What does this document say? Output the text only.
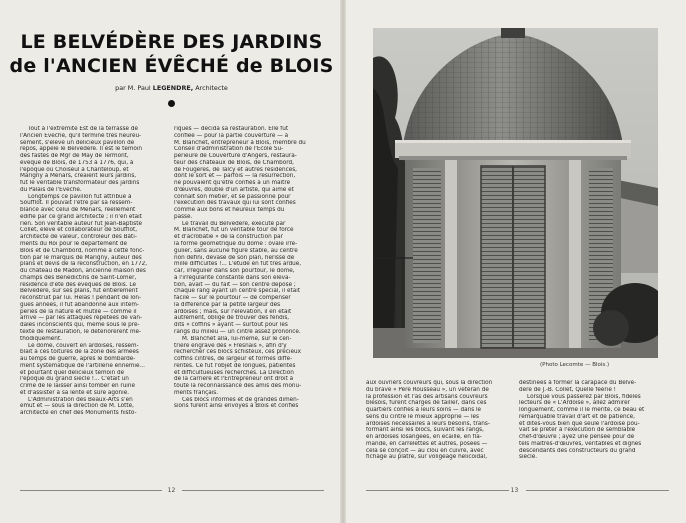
LE BELVÉDÈRE DES JARDINS
de l'ANCIEN ÉVÊCHÉ de BLOIS
par M. Paul LEGENDRE, Architecte
Tout à l'extrémité Est de la terrasse de
l'Ancien Évêché, qu'il termine très heureu-
sement, s'élève un délicieux pavillon de
repos, appelé le Belvédère. Il est le témoin
des fastes de Mgr de May de Termont,
évêque de Blois, de 1753 à 1776, qui, à
l'époque où Choiseul à Chanteloup, et
Marigny à Menars, créaient leurs jardins,
fut le véritable transformateur des jardins
du Palais de l'Évêché.
Longtemps ce pavillon fut attribué à
Soufflot. Il pouvait l'être par sa ressem-
blance avec celui de Menars, réellement
édifié par ce grand architecte ; il n'en était
rien. Son véritable auteur fut Jean-Baptiste
Collet, élève et collaborateur de Soufflot,
architecte de valeur, contrôleur des Bâti-
ments du Roi pour le département de
Blois et de Chambord, nommé à cette fonc-
tion par le marquis de Marigny, auteur des
plans et devis de la reconstruction, en 1772,
du château de Madon, ancienne maison des
champs des Bénédictins de Saint-Lomer,
résidence d'été des évêques de Blois. Le
Belvédère, sur ses plans, fut entièrement
reconstruit par lui. Hélas ! pendant de lon-
gues années, il fut abandonné aux intem-
péries de la nature et mutilé — comme il
arrive — par les attaques répétées de van-
dales inconscients qui, même sous le pré-
texte de restauration, le détériorèrent mé-
thodiquement.
Le dôme, couvert en ardoises, ressem-
blait à ces toitures de la zone des armées
au temps de guerre, après le bombarde-
ment systématique de l'artillerie ennemie...
et pourtant quel délicieux témoin de
l'époque du grand siècle !... C'était un
crime de le laisser ainsi tomber en ruine
et d'assister à sa lente et sûre agonie.
L'Administration des Beaux-Arts s'en
émut et — sous la direction de M. Lotte,
architecte en chef des Monuments histo-
riques — décida sa restauration. Elle fut
confiée — pour la partie couverture — à
M. Blanchet, entrepreneur à Blois, membre du
Conseil d'administration de l'École Su-
périeure de Couverture d'Angers, restaura-
teur des châteaux de Blois, de Chambord,
de Fougères, de Talcy et autres résidences,
dont le sort et — parfois — la résurrection,
ne pouvaient qu'être confiés à un maître
d'œuvres, doublé d'un artiste, qui aime et
connaît son métier, et se passionne pour
l'exécution des travaux qui lui sont confiés
comme aux bons et heureux temps du
passé.
Le travail du Belvédère, exécuté par
M. Blanchet, fut un véritable tour de force
et d'acrobatie » de la construction par
la forme géométrique du dôme : ovale irré-
gulier, sans aucune figure stable, au centre
non défini, dévasé de son plan, hérissé de
mille difficultés !... L'étude en fut très ardue,
car, irrégulier dans son pourtour, le dôme,
à l'irrégularité constante dans son éléva-
tion, avait — du fait — son centre déposé ;
chaque rang ayant un centre spécial, il était
facile — sur le pourtour — de compenser
la différence par la petite largeur des
ardoises ; mais, sur l'élévation, il en était
autrement, obligé de trouver des fendis,
dits « coffins » ayant — surtout pour les
rangs du milieu — un cintre assez prononcé.
M. Blanchet alla, lui-même, sur le cen-
trière engravé des « Fresnais », afin d'y
rechercher ces blocs schisteux, ces précieux
coffins cintrés, de largeur et formes diffé-
rentes. Ce fut l'objet de longues, patientes
et difficultueuses recherches. La Direction
de la carrière et l'Entrepreneur ont droit à
toute la reconnaissance des amis des monu-
ments français.
Ces blocs informes et de grandes dimen-
sions furent ainsi envoyés à Blois et confiés
12	13
(Photo Lecomte — Blois.)
aux ouvriers couvreurs qui, sous la direction
du brave « Père Rousseau », un vétéran de
la profession et l'as des artisans couvreurs
blésois, furent chargés de tailler, dans ces
quartiers confiés à leurs soins — dans le
sens du cintre le mieux approprié — les
ardoises nécessaires à leurs besoins, trans-
formant ainsi les blocs, suivant les rangs,
en ardoises losangées, en écaille, en fla-
mande, en carrelettes et autres, posées —
cela se conçoit — au clou en cuivre, avec
fichage au plâtre, sur voligeage hélicoïdal,
destinées à former la carapace du Belvé-
dère de J.-B. Collet, Quelle féerie !
Lorsque vous passerez par Blois, fidèles
lecteurs de « L'Ardoise », allez admirer
longuement, comme il le mérite, ce beau et
remarquable travail d'art et de patience,
et dites-vous bien que seule l'ardoise pou-
vait se prêter à l'exécution de semblable
chef-d'œuvre ; ayez une pensée pour de
tels maîtres-d'œuvres, véritables et dignes
descendants des constructeurs du grand
siècle.
